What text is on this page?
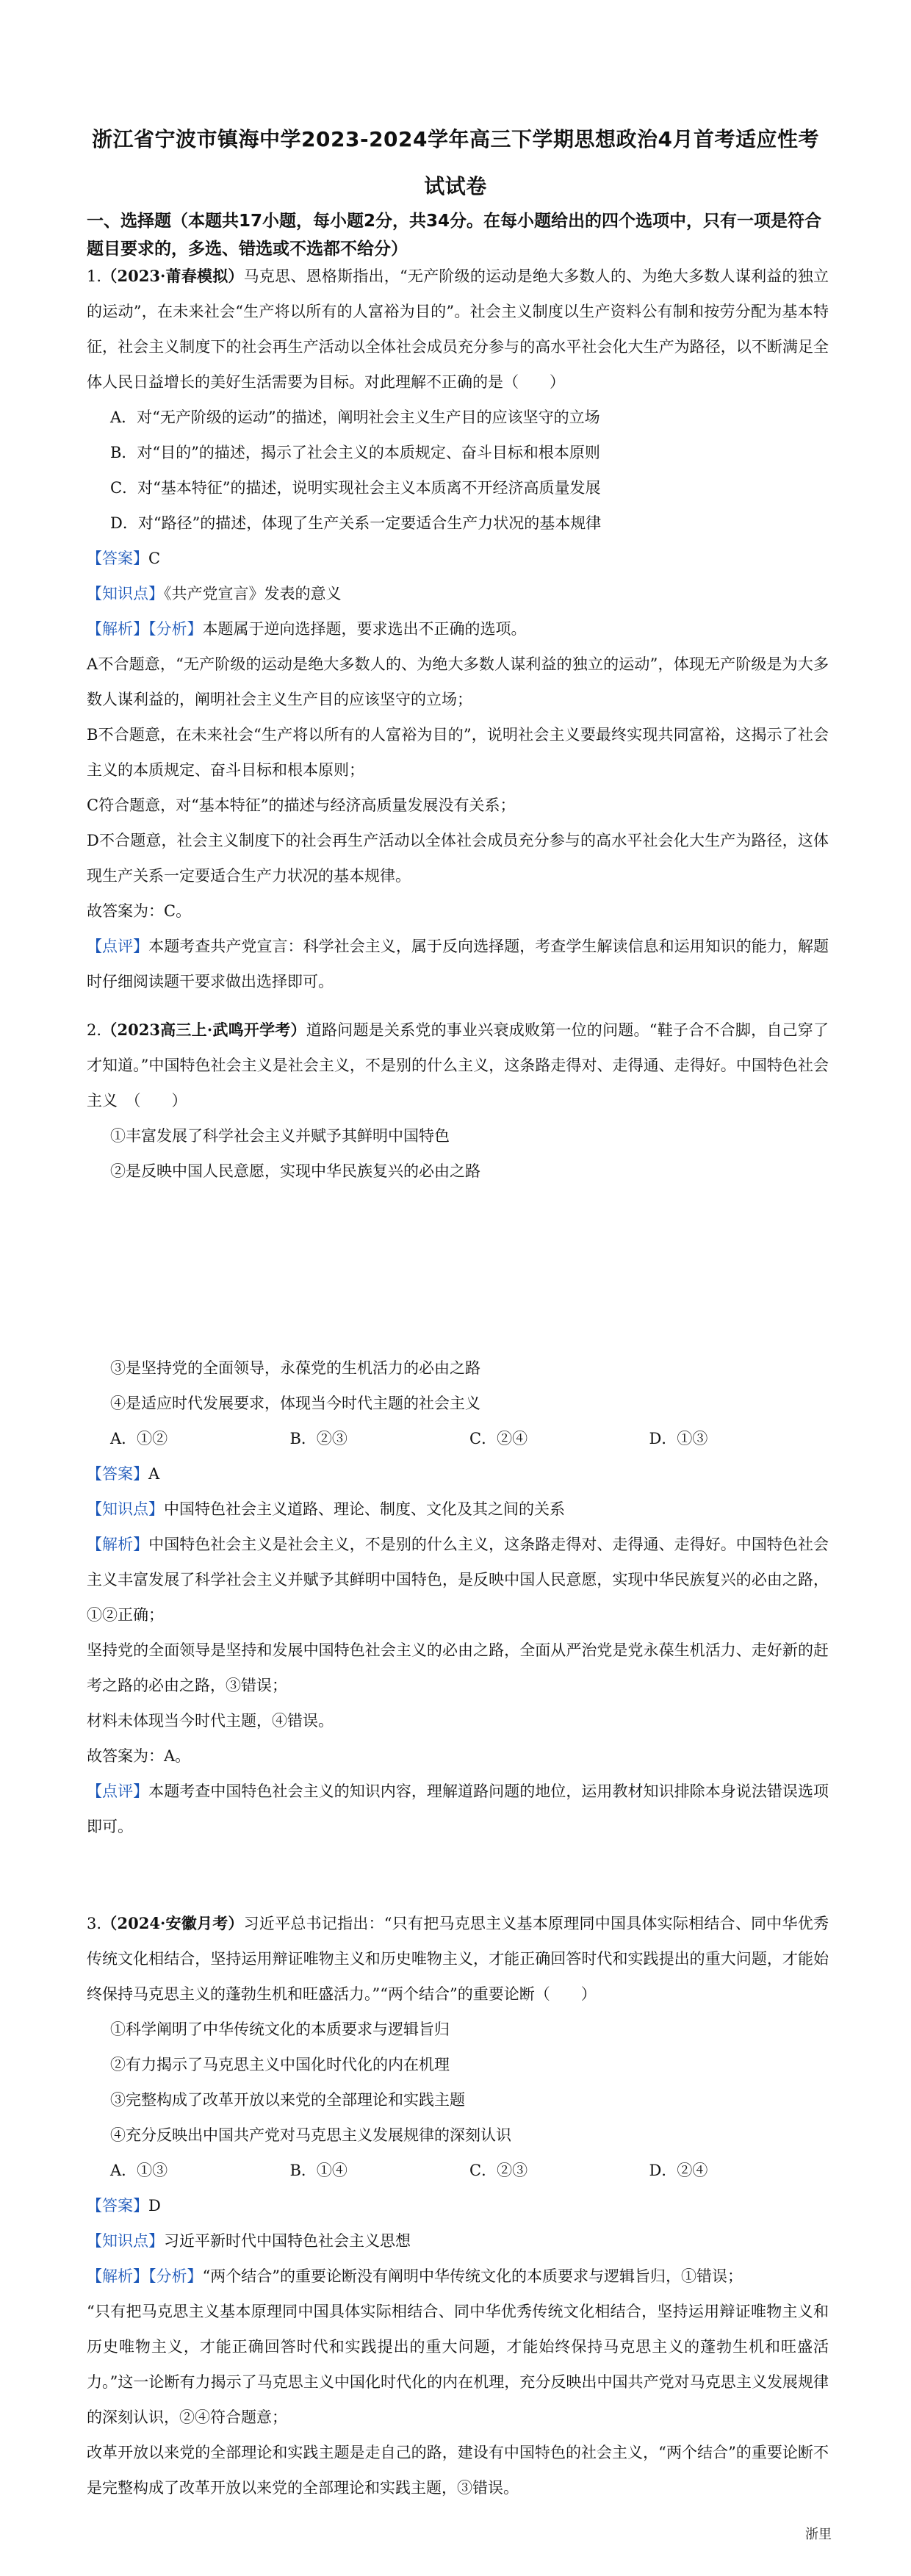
浙江省宁波市镇海中学2023-2024学年高三下学期思想政治4月首考适应性考
试试卷
一、选择题（本题共17小题，每小题2分，共34分。在每小题给出的四个选项中，只有一项是符合题目要求的，多选、错选或不选都不给分）

1.（2023·莆春模拟）马克思、恩格斯指出，“无产阶级的运动是绝大多数人的、为绝大多数人谋利益的独立的运动”，在未来社会“生产将以所有的人富裕为目的”。社会主义制度以生产资料公有制和按劳分配为基本特征，社会主义制度下的社会再生产活动以全体社会成员充分参与的高水平社会化大生产为路径，以不断满足全体人民日益增长的美好生活需要为目标。对此理解不正确的是（　　）

A．对“无产阶级的运动”的描述，阐明社会主义生产目的应该坚守的立场

B．对“目的”的描述，揭示了社会主义的本质规定、奋斗目标和根本原则

C．对“基本特征”的描述，说明实现社会主义本质离不开经济高质量发展

D．对“路径”的描述，体现了生产关系一定要适合生产力状况的基本规律

【答案】C

【知识点】《共产党宣言》发表的意义

【解析】【分析】本题属于逆向选择题，要求选出不正确的选项。

A不合题意，“无产阶级的运动是绝大多数人的、为绝大多数人谋利益的独立的运动”，体现无产阶级是为大多数人谋利益的，阐明社会主义生产目的应该坚守的立场；

B不合题意，在未来社会“生产将以所有的人富裕为目的”，说明社会主义要最终实现共同富裕，这揭示了社会主义的本质规定、奋斗目标和根本原则；

C符合题意，对“基本特征”的描述与经济高质量发展没有关系；

D不合题意，社会主义制度下的社会再生产活动以全体社会成员充分参与的高水平社会化大生产为路径，这体现生产关系一定要适合生产力状况的基本规律。

故答案为：C。

【点评】本题考查共产党宣言：科学社会主义，属于反向选择题，考查学生解读信息和运用知识的能力，解题时仔细阅读题干要求做出选择即可。

2.（2023高三上·武鸣开学考）道路问题是关系党的事业兴衰成败第一位的问题。“鞋子合不合脚，自己穿了才知道。”中国特色社会主义是社会主义，不是别的什么主义，这条路走得对、走得通、走得好。中国特色社会主义　（　　）

①丰富发展了科学社会主义并赋予其鲜明中国特色

②是反映中国人民意愿，实现中华民族复兴的必由之路

③是坚持党的全面领导，永葆党的生机活力的必由之路

④是适应时代发展要求，体现当今时代主题的社会主义

A．①②	B．②③	C．②④	D．①③

【答案】A

【知识点】中国特色社会主义道路、理论、制度、文化及其之间的关系

【解析】中国特色社会主义是社会主义，不是别的什么主义，这条路走得对、走得通、走得好。中国特色社会主义丰富发展了科学社会主义并赋予其鲜明中国特色，是反映中国人民意愿，实现中华民族复兴的必由之路，①②正确；

坚持党的全面领导是坚持和发展中国特色社会主义的必由之路，全面从严治党是党永葆生机活力、走好新的赶考之路的必由之路，③错误；

材料未体现当今时代主题，④错误。

故答案为：A。

【点评】本题考查中国特色社会主义的知识内容，理解道路问题的地位，运用教材知识排除本身说法错误选项即可。

3.（2024·安徽月考）习近平总书记指出：“只有把马克思主义基本原理同中国具体实际相结合、同中华优秀传统文化相结合，坚持运用辩证唯物主义和历史唯物主义，才能正确回答时代和实践提出的重大问题，才能始终保持马克思主义的蓬勃生机和旺盛活力。”“两个结合”的重要论断（　　）

①科学阐明了中华传统文化的本质要求与逻辑旨归

②有力揭示了马克思主义中国化时代化的内在机理

③完整构成了改革开放以来党的全部理论和实践主题

④充分反映出中国共产党对马克思主义发展规律的深刻认识

A．①③	B．①④	C．②③	D．②④

【答案】D

【知识点】习近平新时代中国特色社会主义思想

【解析】【分析】“两个结合”的重要论断没有阐明中华传统文化的本质要求与逻辑旨归，①错误；

“只有把马克思主义基本原理同中国具体实际相结合、同中华优秀传统文化相结合，坚持运用辩证唯物主义和历史唯物主义，才能正确回答时代和实践提出的重大问题，才能始终保持马克思主义的蓬勃生机和旺盛活力。”这一论断有力揭示了马克思主义中国化时代化的内在机理，充分反映出中国共产党对马克思主义发展规律的深刻认识，②④符合题意；

改革开放以来党的全部理论和实践主题是走自己的路，建设有中国特色的社会主义，“两个结合”的重要论断不是完整构成了改革开放以来党的全部理论和实践主题，③错误。

浙里
